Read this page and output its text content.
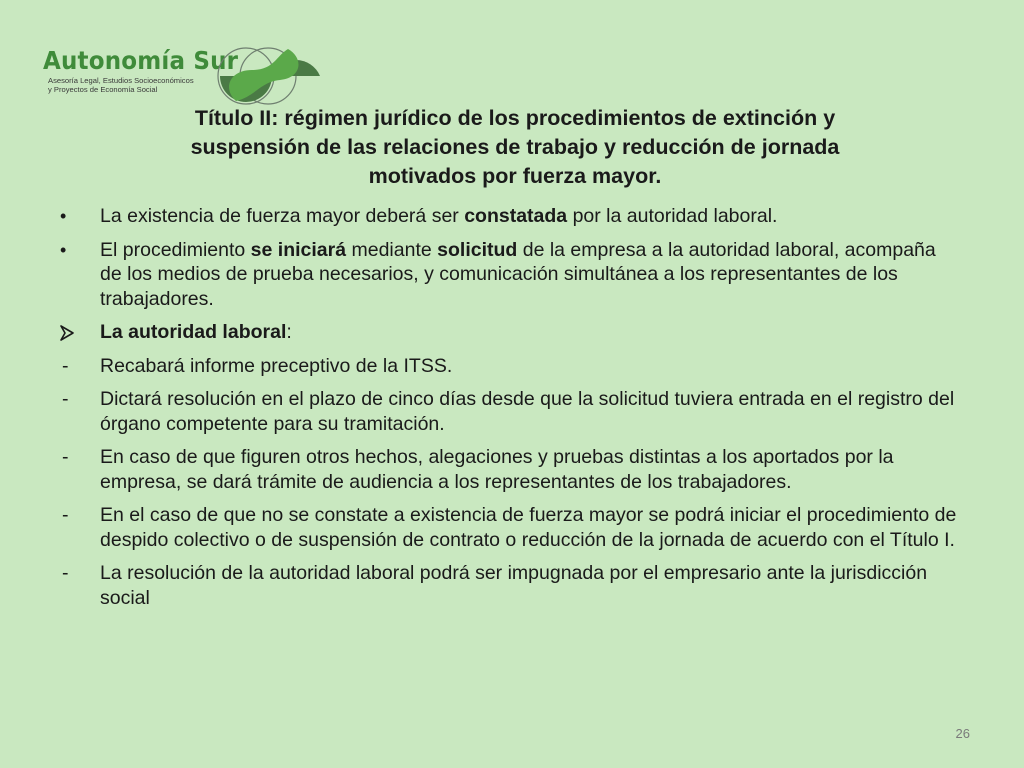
Autonomía Sur
Asesoría Legal, Estudios Socioeconómicos
y Proyectos de Economía Social
Título II: régimen jurídico de los procedimientos de extinción y
suspensión de las relaciones de trabajo y reducción de jornada
motivados por fuerza mayor.
•	La existencia de fuerza mayor deberá ser constatada por la autoridad laboral.
•	El procedimiento se iniciará mediante solicitud de la empresa a la autoridad laboral, acompaña de los medios de prueba necesarios, y comunicación simultánea a los representantes de los trabajadores.
La autoridad laboral:
-	Recabará informe preceptivo de la ITSS.
-	Dictará resolución en el plazo de cinco días desde que la solicitud tuviera entrada en el registro del órgano competente para su tramitación.
-	En caso de que figuren otros hechos, alegaciones y pruebas distintas a los aportados por la empresa, se dará trámite de audiencia a los representantes de los trabajadores.
-	En el caso de que no se constate a existencia de fuerza mayor se podrá iniciar el procedimiento de despido colectivo o de suspensión de contrato o reducción de la jornada de acuerdo con el Título I.
-	La resolución de la autoridad laboral podrá ser impugnada por el empresario ante la jurisdicción social
26
